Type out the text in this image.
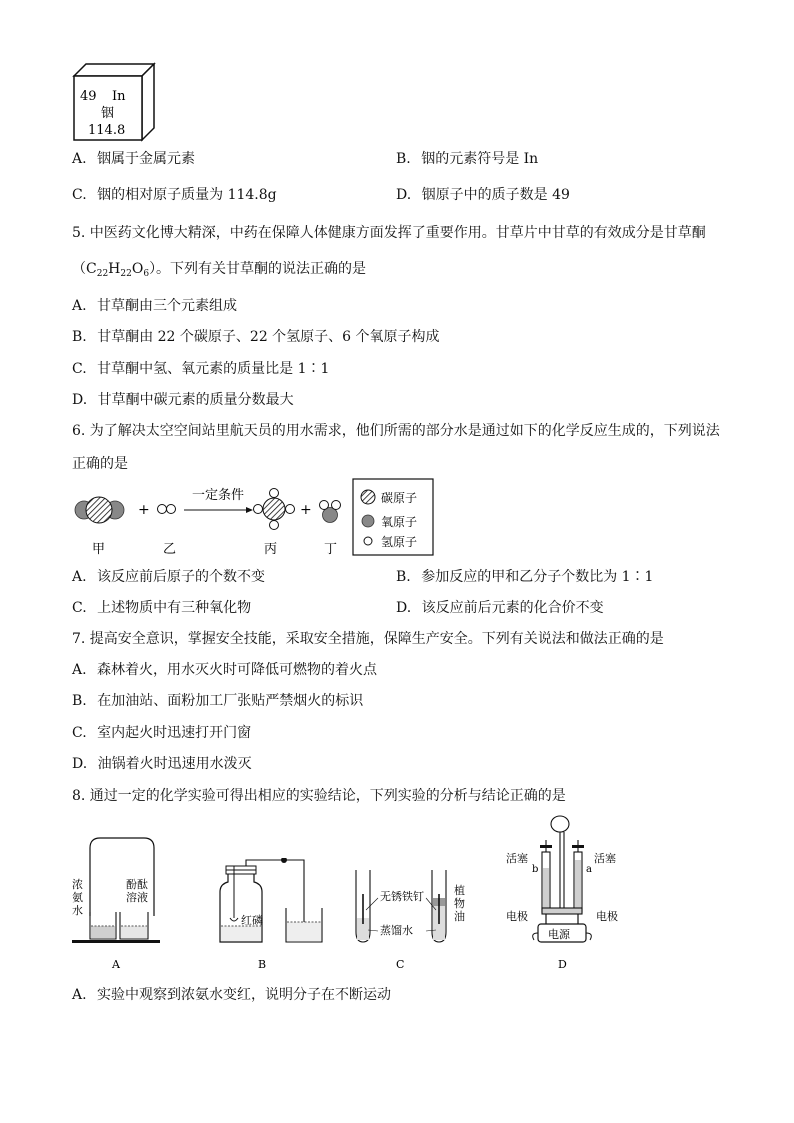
49 In
铟
114.8
A. 铟属于金属元素	B. 铟的元素符号是 In
C. 铟的相对原子质量为 114.8g	D. 铟原子中的质子数是 49
5. 中医药文化博大精深，中药在保障人体健康方面发挥了重要作用。甘草片中甘草的有效成分是甘草酮
$(C_{22}H_{22}O_6)$。下列有关甘草酮的说法正确的是
A. 甘草酮由三个元素组成
B. 甘草酮由 22 个碳原子、22 个氢原子、6 个氧原子构成
C. 甘草酮中氢、氧元素的质量比是 1∶1
D. 甘草酮中碳元素的质量分数最大
6. 为了解决太空空间站里航天员的用水需求，他们所需的部分水是通过如下的化学反应生成的，下列说法
正确的是
+
一定条件
+
甲	乙	丙	丁
碳原子
氧原子
氢原子
A. 该反应前后原子的个数不变	B. 参加反应的甲和乙分子个数比为 1∶1
C. 上述物质中有三种氧化物	D. 该反应前后元素的化合价不变
7. 提高安全意识，掌握安全技能，采取安全措施，保障生产安全。下列有关说法和做法正确的是
A. 森林着火，用水灭火时可降低可燃物的着火点
B. 在加油站、面粉加工厂张贴严禁烟火的标识
C. 室内起火时迅速打开门窗
D. 油锅着火时迅速用水泼灭
8. 通过一定的化学实验可得出相应的实验结论，下列实验的分析与结论正确的是
浓
氨
水
酚酞
溶液
A
红磷
B
无锈铁钉
蒸馏水
植
物
油
C
活塞	活塞
b	a
电极	电极
电源
D
A. 实验中观察到浓氨水变红，说明分子在不断运动
